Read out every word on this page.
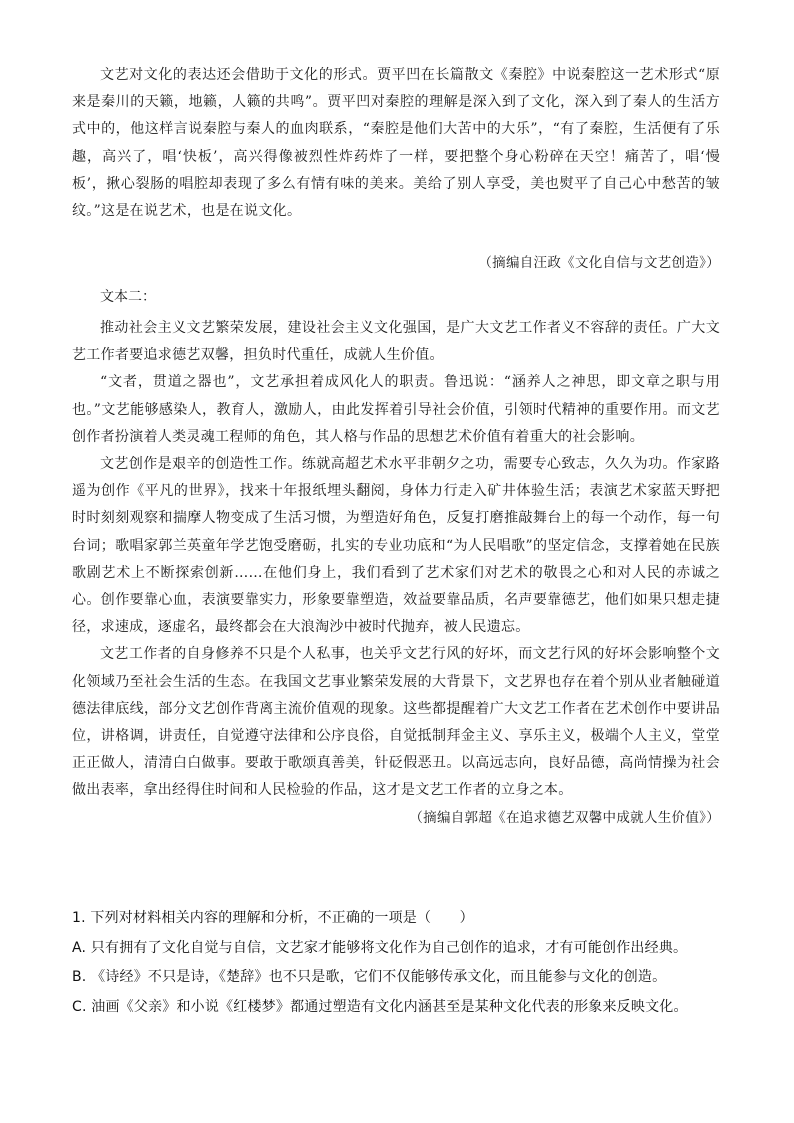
文艺对文化的表达还会借助于文化的形式。贾平凹在长篇散文《秦腔》中说秦腔这一艺术形式“原来是秦川的天籁，地籁，人籁的共鸣”。贾平凹对秦腔的理解是深入到了文化，深入到了秦人的生活方式中的，他这样言说秦腔与秦人的血肉联系，“秦腔是他们大苦中的大乐”，“有了秦腔，生活便有了乐趣，高兴了，唱‘快板’，高兴得像被烈性炸药炸了一样，要把整个身心粉碎在天空！痛苦了，唱‘慢板’，揪心裂肠的唱腔却表现了多么有情有味的美来。美给了别人享受，美也熨平了自己心中愁苦的皱纹。”这是在说艺术，也是在说文化。

（摘编自汪政《文化自信与文艺创造》）

文本二：

推动社会主义文艺繁荣发展，建设社会主义文化强国，是广大文艺工作者义不容辞的责任。广大文艺工作者要追求德艺双馨，担负时代重任，成就人生价值。

“文者，贯道之器也”，文艺承担着成风化人的职责。鲁迅说：“涵养人之神思，即文章之职与用也。”文艺能够感染人，教育人，激励人，由此发挥着引导社会价值，引领时代精神的重要作用。而文艺创作者扮演着人类灵魂工程师的角色，其人格与作品的思想艺术价值有着重大的社会影响。

文艺创作是艰辛的创造性工作。练就高超艺术水平非朝夕之功，需要专心致志，久久为功。作家路遥为创作《平凡的世界》，找来十年报纸埋头翻阅，身体力行走入矿井体验生活；表演艺术家蓝天野把时时刻刻观察和揣摩人物变成了生活习惯，为塑造好角色，反复打磨推敲舞台上的每一个动作，每一句台词；歌唱家郭兰英童年学艺饱受磨砺，扎实的专业功底和“为人民唱歌”的坚定信念，支撑着她在民族歌剧艺术上不断探索创新……在他们身上，我们看到了艺术家们对艺术的敬畏之心和对人民的赤诚之心。创作要靠心血，表演要靠实力，形象要靠塑造，效益要靠品质，名声要靠德艺，他们如果只想走捷径，求速成，逐虚名，最终都会在大浪淘沙中被时代抛弃，被人民遗忘。

文艺工作者的自身修养不只是个人私事，也关乎文艺行风的好坏，而文艺行风的好坏会影响整个文化领域乃至社会生活的生态。在我国文艺事业繁荣发展的大背景下，文艺界也存在着个别从业者触碰道德法律底线，部分文艺创作背离主流价值观的现象。这些都提醒着广大文艺工作者在艺术创作中要讲品位，讲格调，讲责任，自觉遵守法律和公序良俗，自觉抵制拜金主义、享乐主义，极端个人主义，堂堂正正做人，清清白白做事。要敢于歌颂真善美，针砭假恶丑。以高远志向，良好品德，高尚情操为社会做出表率，拿出经得住时间和人民检验的作品，这才是文艺工作者的立身之本。

（摘编自郭超《在追求德艺双馨中成就人生价值》）

1. 下列对材料相关内容的理解和分析，不正确的一项是（　　）

A. 只有拥有了文化自觉与自信，文艺家才能够将文化作为自己创作的追求，才有可能创作出经典。

B. 《诗经》不只是诗，《楚辞》也不只是歌，它们不仅能够传承文化，而且能参与文化的创造。

C. 油画《父亲》和小说《红楼梦》都通过塑造有文化内涵甚至是某种文化代表的形象来反映文化。
